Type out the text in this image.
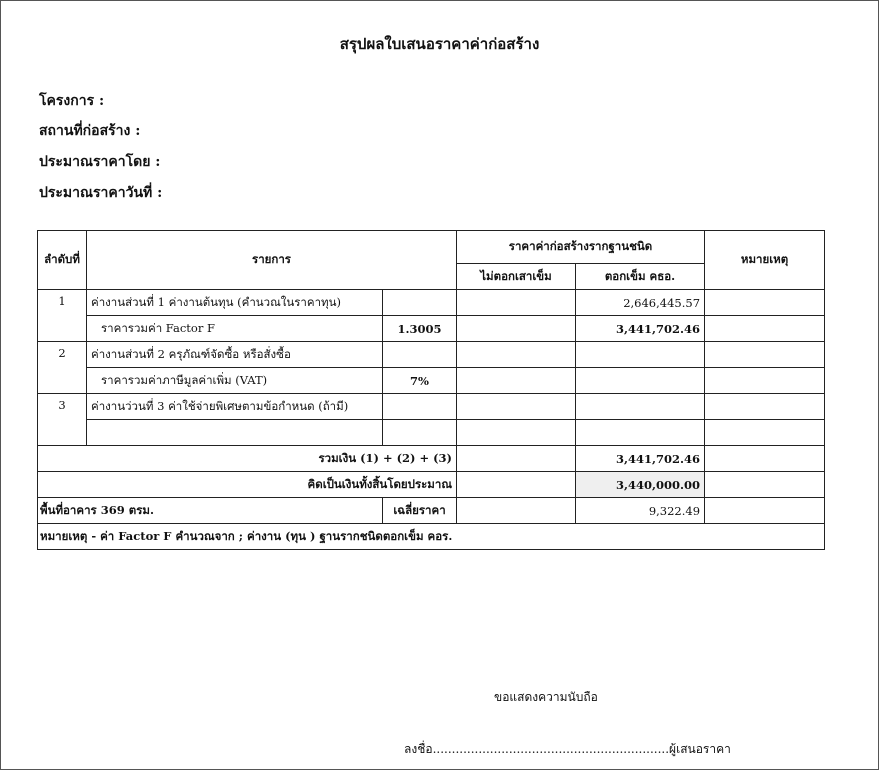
สรุปผลใบเสนอราคาค่าก่อสร้าง
โครงการ :
สถานที่ก่อสร้าง :
ประมาณราคาโดย :
ประมาณราคาวันที่ :
ลำดับที่	รายการ		ราคาค่าก่อสร้างรากฐานชนิด		หมายเหตุ
			ไม่ตอกเสาเข็ม	ตอกเข็ม คธอ.	
1	ค่างานส่วนที่ 1 ค่างานต้นทุน (คำนวณในราคาทุน)			2,646,445.57	
	ราคารวมค่า Factor F	1.3005		3,441,702.46	
2	ค่างานส่วนที่ 2 ครุภัณฑ์จัดซื้อ หรือสั่งซื้อ				
	ราคารวมค่าภาษีมูลค่าเพิ่ม (VAT)	7%			
3	ค่างานว่วนที่ 3 ค่าใช้จ่ายพิเศษตามข้อกำหนด (ถ้ามี)				

รวมเงิน (1) + (2) + (3)				3,441,702.46	
คิดเป็นเงินทั้งสิ้นโดยประมาณ				3,440,000.00	
พื้นที่อาคาร 369 ตรม.		เฉลี่ยราคา		9,322.49	
หมายเหตุ - ค่า Factor F คำนวณจาก ; ค่างาน (ทุน ) ฐานรากชนิดตอกเข็ม คอร.					
ขอแสดงความนับถือ
ลงชื่อ..............................................................ผู้เสนอราคา
